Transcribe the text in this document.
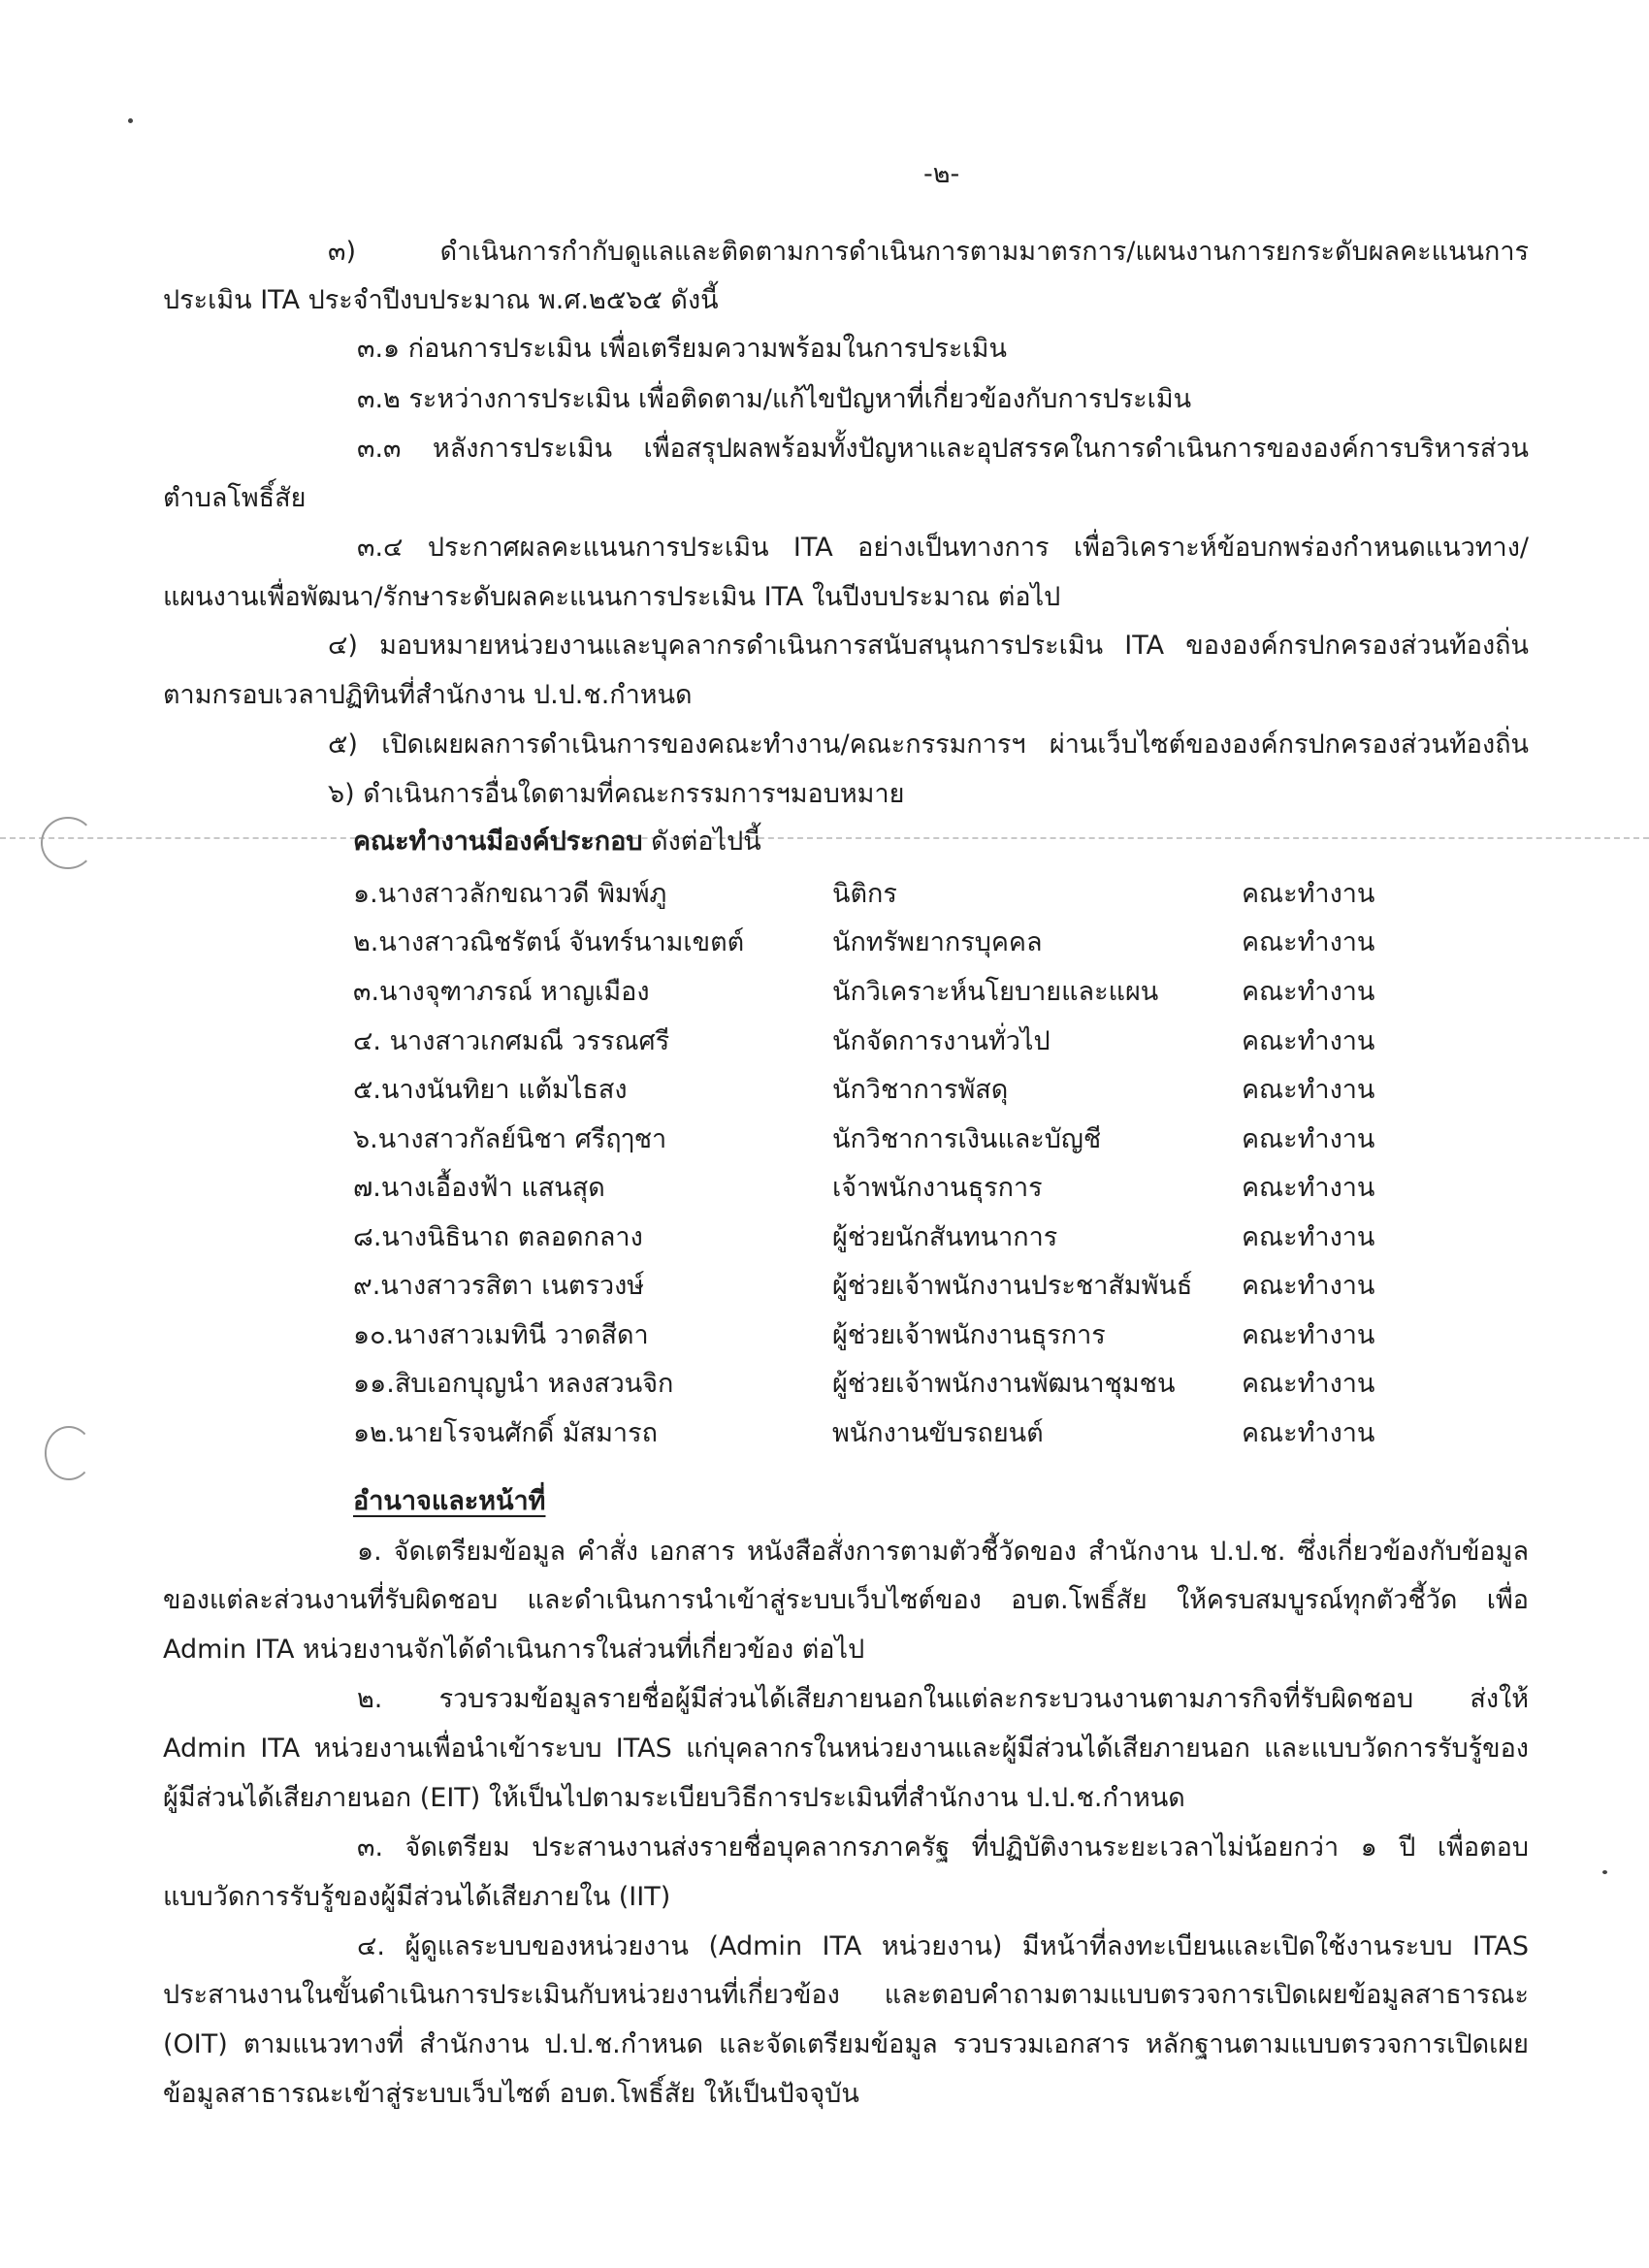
-๒-

๓) ดำเนินการกำกับดูแลและติดตามการดำเนินการตามมาตรการ/แผนงานการยกระดับผลคะแนนการ

ประเมิน ITA ประจำปีงบประมาณ พ.ศ.๒๕๖๕ ดังนี้

๓.๑ ก่อนการประเมิน เพื่อเตรียมความพร้อมในการประเมิน

๓.๒ ระหว่างการประเมิน เพื่อติดตาม/แก้ไขปัญหาที่เกี่ยวข้องกับการประเมิน

๓.๓ หลังการประเมิน เพื่อสรุปผลพร้อมทั้งปัญหาและอุปสรรคในการดำเนินการขององค์การบริหารส่วน

ตำบลโพธิ์สัย

๓.๔ ประกาศผลคะแนนการประเมิน ITA อย่างเป็นทางการ เพื่อวิเคราะห์ข้อบกพร่องกำหนดแนวทาง/

แผนงานเพื่อพัฒนา/รักษาระดับผลคะแนนการประเมิน ITA ในปีงบประมาณ ต่อไป

๔) มอบหมายหน่วยงานและบุคลากรดำเนินการสนับสนุนการประเมิน ITA ขององค์กรปกครองส่วนท้องถิ่น

ตามกรอบเวลาปฏิทินที่สำนักงาน ป.ป.ช.กำหนด

๕) เปิดเผยผลการดำเนินการของคณะทำงาน/คณะกรรมการฯ ผ่านเว็บไซต์ขององค์กรปกครองส่วนท้องถิ่น

๖) ดำเนินการอื่นใดตามที่คณะกรรมการฯมอบหมาย

คณะทำงานมีองค์ประกอบ ดังต่อไปนี้

๑.นางสาวลักขณาวดี พิมพ์ภู	นิติกร	คณะทำงาน
๒.นางสาวณิชรัตน์ จันทร์นามเขตต์	นักทรัพยากรบุคคล	คณะทำงาน
๓.นางจุฑาภรณ์ หาญเมือง	นักวิเคราะห์นโยบายและแผน	คณะทำงาน
๔. นางสาวเกศมณี วรรณศรี	นักจัดการงานทั่วไป	คณะทำงาน
๕.นางนันทิยา แต้มไธสง	นักวิชาการพัสดุ	คณะทำงาน
๖.นางสาวกัลย์นิชา ศรีฤๅชา	นักวิชาการเงินและบัญชี	คณะทำงาน
๗.นางเอื้องฟ้า แสนสุด	เจ้าพนักงานธุรการ	คณะทำงาน
๘.นางนิธินาถ ตลอดกลาง	ผู้ช่วยนักสันทนาการ	คณะทำงาน
๙.นางสาวรสิตา เนตรวงษ์	ผู้ช่วยเจ้าพนักงานประชาสัมพันธ์ คณะทำงาน
๑๐.นางสาวเมทินี วาดสีดา	ผู้ช่วยเจ้าพนักงานธุรการ	คณะทำงาน
๑๑.สิบเอกบุญนำ หลงสวนจิก	ผู้ช่วยเจ้าพนักงานพัฒนาชุมชน	คณะทำงาน
๑๒.นายโรจนศักดิ์ มัสมารถ	พนักงานขับรถยนต์	คณะทำงาน

อำนาจและหน้าที่

๑. จัดเตรียมข้อมูล คำสั่ง เอกสาร หนังสือสั่งการตามตัวชี้วัดของ สำนักงาน ป.ป.ช. ซึ่งเกี่ยวข้องกับข้อมูล

ของแต่ละส่วนงานที่รับผิดชอบ และดำเนินการนำเข้าสู่ระบบเว็บไซต์ของ อบต.โพธิ์สัย ให้ครบสมบูรณ์ทุกตัวชี้วัด เพื่อ

Admin ITA หน่วยงานจักได้ดำเนินการในส่วนที่เกี่ยวข้อง ต่อไป

๒. รวบรวมข้อมูลรายชื่อผู้มีส่วนได้เสียภายนอกในแต่ละกระบวนงานตามภารกิจที่รับผิดชอบ ส่งให้

Admin ITA หน่วยงานเพื่อนำเข้าระบบ ITAS แก่บุคลากรในหน่วยงานและผู้มีส่วนได้เสียภายนอก และแบบวัดการรับรู้ของ

ผู้มีส่วนได้เสียภายนอก (EIT) ให้เป็นไปตามระเบียบวิธีการประเมินที่สำนักงาน ป.ป.ช.กำหนด

๓. จัดเตรียม ประสานงานส่งรายชื่อบุคลากรภาครัฐ ที่ปฏิบัติงานระยะเวลาไม่น้อยกว่า ๑ ปี เพื่อตอบ

แบบวัดการรับรู้ของผู้มีส่วนได้เสียภายใน (IIT)

๔. ผู้ดูแลระบบของหน่วยงาน (Admin ITA หน่วยงาน) มีหน้าที่ลงทะเบียนและเปิดใช้งานระบบ ITAS

ประสานงานในขั้นดำเนินการประเมินกับหน่วยงานที่เกี่ยวข้อง และตอบคำถามตามแบบตรวจการเปิดเผยข้อมูลสาธารณะ

(OIT) ตามแนวทางที่ สำนักงาน ป.ป.ช.กำหนด และจัดเตรียมข้อมูล รวบรวมเอกสาร หลักฐานตามแบบตรวจการเปิดเผย

ข้อมูลสาธารณะเข้าสู่ระบบเว็บไซต์ อบต.โพธิ์สัย ให้เป็นปัจจุบัน
